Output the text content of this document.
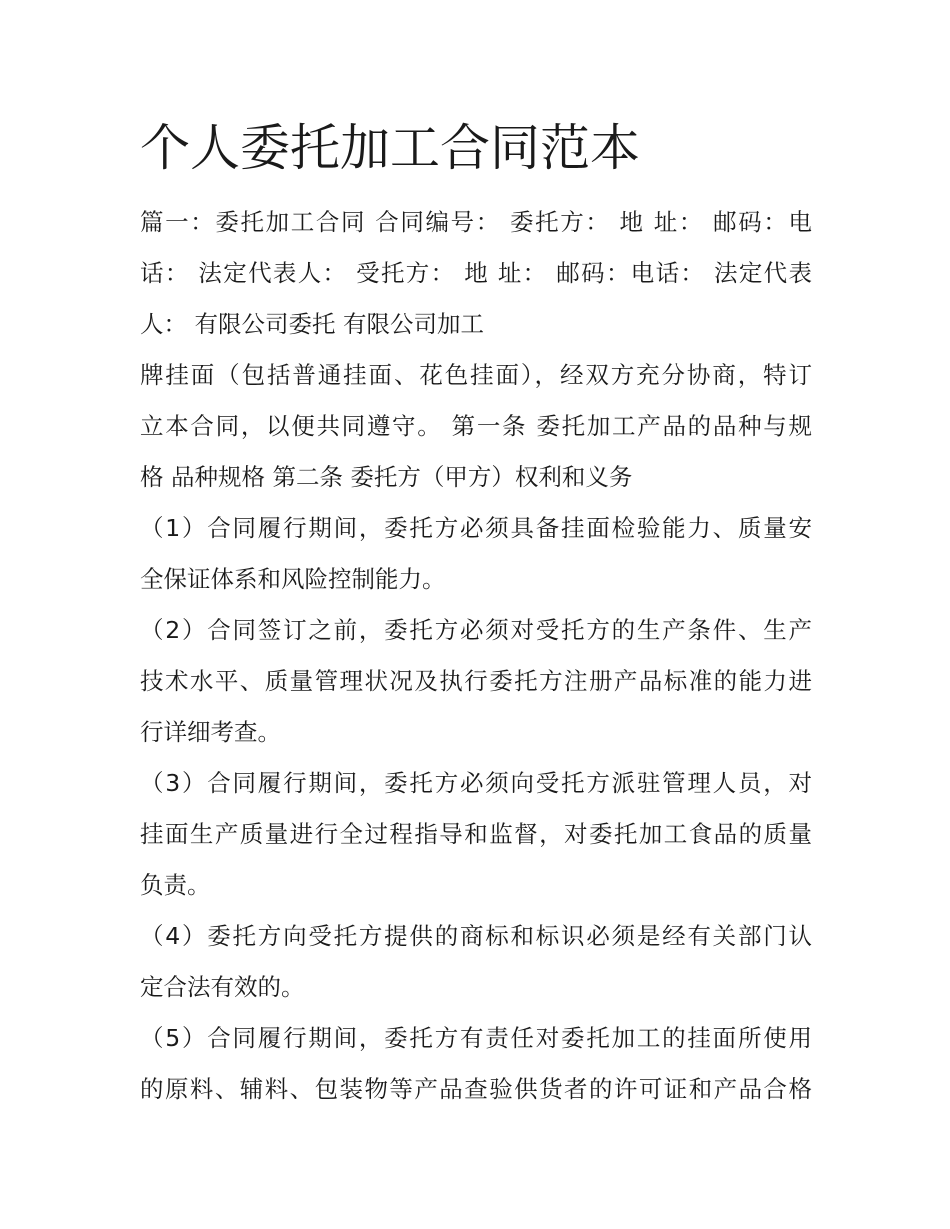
个人委托加工合同范本
篇一：委托加工合同 合同编号： 委托方： 地 址： 邮码：电
话： 法定代表人： 受托方： 地 址： 邮码：电话： 法定代表
人： 有限公司委托 有限公司加工
牌挂面（包括普通挂面、花色挂面），经双方充分协商，特订
立本合同，以便共同遵守。 第一条 委托加工产品的品种与规
格 品种规格 第二条 委托方（甲方）权利和义务
（1）合同履行期间，委托方必须具备挂面检验能力、质量安
全保证体系和风险控制能力。
（2）合同签订之前，委托方必须对受托方的生产条件、生产
技术水平、质量管理状况及执行委托方注册产品标准的能力进
行详细考查。
（3）合同履行期间，委托方必须向受托方派驻管理人员，对
挂面生产质量进行全过程指导和监督，对委托加工食品的质量
负责。
（4）委托方向受托方提供的商标和标识必须是经有关部门认
定合法有效的。
（5）合同履行期间，委托方有责任对委托加工的挂面所使用
的原料、辅料、包装物等产品查验供货者的许可证和产品合格
